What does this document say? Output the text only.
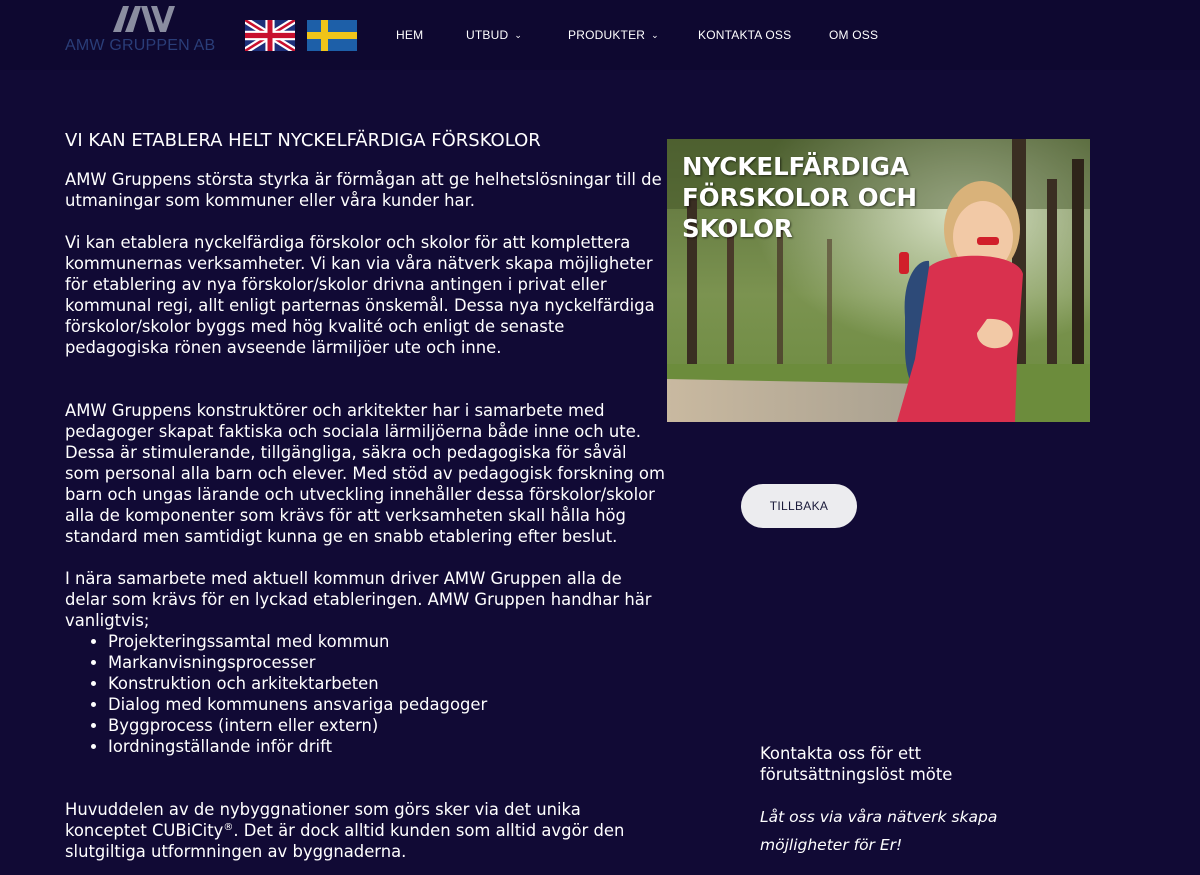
AMW GRUPPEN AB
HEM	UTBUD ⌄	PRODUKTER ⌄	KONTAKTA OSS	OM OSS
VI KAN ETABLERA HELT NYCKELFÄRDIGA FÖRSKOLOR

AMW Gruppens största styrka är förmågan att ge helhetslösningar till de utmaningar som kommuner eller våra kunder har.

Vi kan etablera nyckelfärdiga förskolor och skolor för att komplettera kommunernas verksamheter. Vi kan via våra nätverk skapa möjligheter för etablering av nya förskolor/skolor drivna antingen i privat eller kommunal regi, allt enligt parternas önskemål. Dessa nya nyckelfärdiga förskolor/skolor byggs med hög kvalité och enligt de senaste pedagogiska rönen avseende lärmiljöer ute och inne.

AMW Gruppens konstruktörer och arkitekter har i samarbete med pedagoger skapat faktiska och sociala lärmiljöerna både inne och ute. Dessa är stimulerande, tillgängliga, säkra och pedagogiska för såväl som personal alla barn och elever. Med stöd av pedagogisk forskning om barn och ungas lärande och utveckling innehåller dessa förskolor/skolor alla de komponenter som krävs för att verksamheten skall hålla hög standard men samtidigt kunna ge en snabb etablering efter beslut.

I nära samarbete med aktuell kommun driver AMW Gruppen alla de delar som krävs för en lyckad etableringen. AMW Gruppen handhar här vanligtvis;

• Projekteringssamtal med kommun
• Markanvisningsprocesser
• Konstruktion och arkitektarbeten
• Dialog med kommunens ansvariga pedagoger
• Byggprocess (intern eller extern)
• Iordningställande inför drift

Huvuddelen av de nybyggnationer som görs sker via det unika konceptet CUBiCity®. Det är dock alltid kunden som alltid avgör den slutgiltiga utformningen av byggnaderna.

NYCKELFÄRDIGA FÖRSKOLOR OCH SKOLOR
TILLBAKA
Kontakta oss för ett förutsättningslöst möte
Låt oss via våra nätverk skapa möjligheter för Er!
